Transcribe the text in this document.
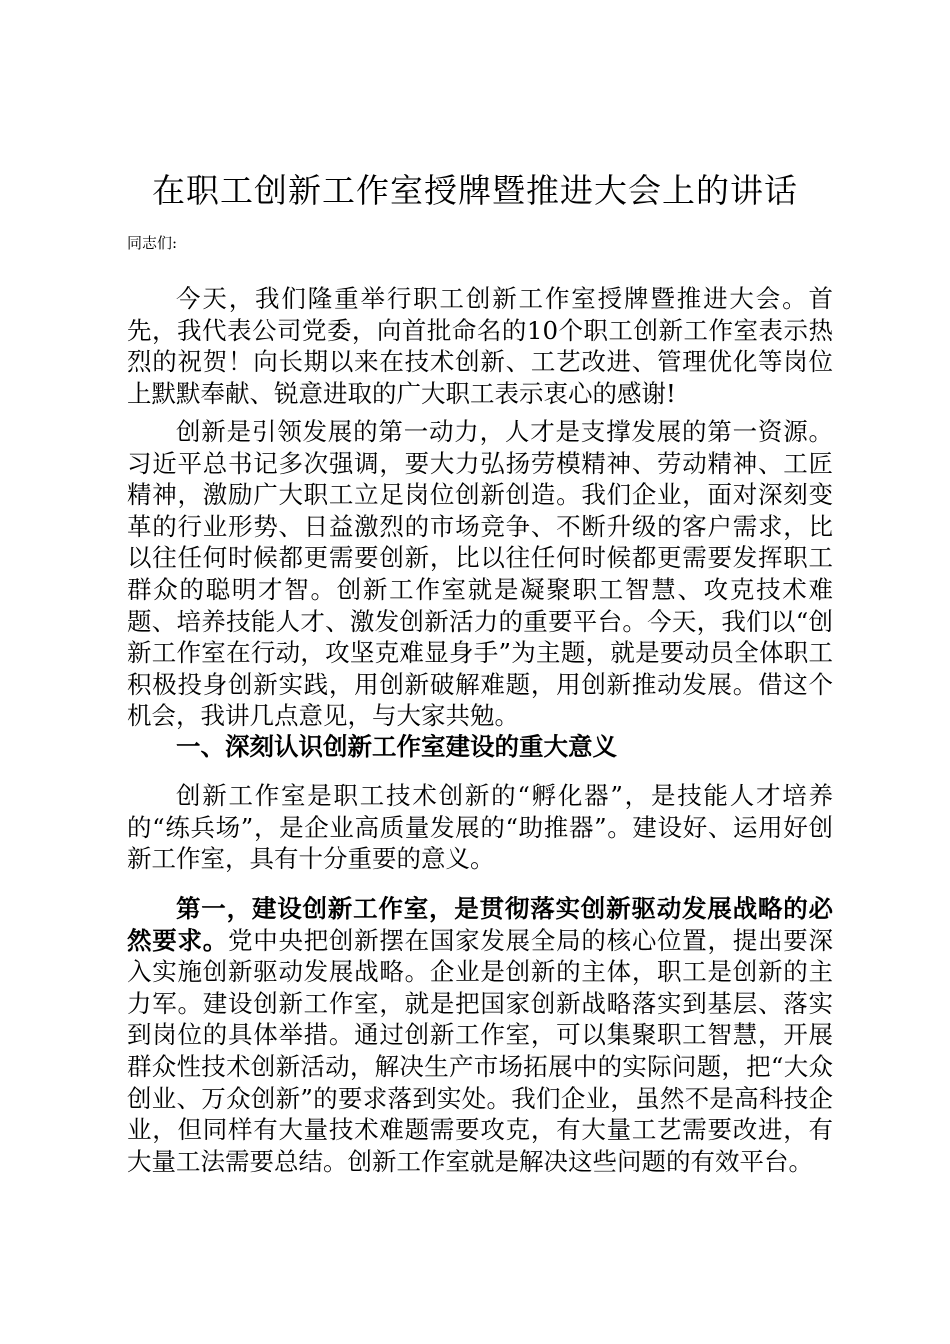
在职工创新工作室授牌暨推进大会上的讲话

同志们:

今天，我们隆重举行职工创新工作室授牌暨推进大会。首先，我代表公司党委，向首批命名的10个职工创新工作室表示热烈的祝贺！向长期以来在技术创新、工艺改进、管理优化等岗位上默默奉献、锐意进取的广大职工表示衷心的感谢!

创新是引领发展的第一动力，人才是支撑发展的第一资源。习近平总书记多次强调，要大力弘扬劳模精神、劳动精神、工匠精神，激励广大职工立足岗位创新创造。我们企业，面对深刻变革的行业形势、日益激烈的市场竞争、不断升级的客户需求，比以往任何时候都更需要创新，比以往任何时候都更需要发挥职工群众的聪明才智。创新工作室就是凝聚职工智慧、攻克技术难题、培养技能人才、激发创新活力的重要平台。今天，我们以“创新工作室在行动，攻坚克难显身手”为主题，就是要动员全体职工积极投身创新实践，用创新破解难题，用创新推动发展。借这个机会，我讲几点意见，与大家共勉。

一、深刻认识创新工作室建设的重大意义

创新工作室是职工技术创新的“孵化器”，是技能人才培养的“练兵场”，是企业高质量发展的“助推器”。建设好、运用好创新工作室，具有十分重要的意义。

第一，建设创新工作室，是贯彻落实创新驱动发展战略的必然要求。党中央把创新摆在国家发展全局的核心位置，提出要深入实施创新驱动发展战略。企业是创新的主体，职工是创新的主力军。建设创新工作室，就是把国家创新战略落实到基层、落实到岗位的具体举措。通过创新工作室，可以集聚职工智慧，开展群众性技术创新活动，解决生产市场拓展中的实际问题，把“大众创业、万众创新”的要求落到实处。我们企业，虽然不是高科技企业，但同样有大量技术难题需要攻克，有大量工艺需要改进，有大量工法需要总结。创新工作室就是解决这些问题的有效平台。
